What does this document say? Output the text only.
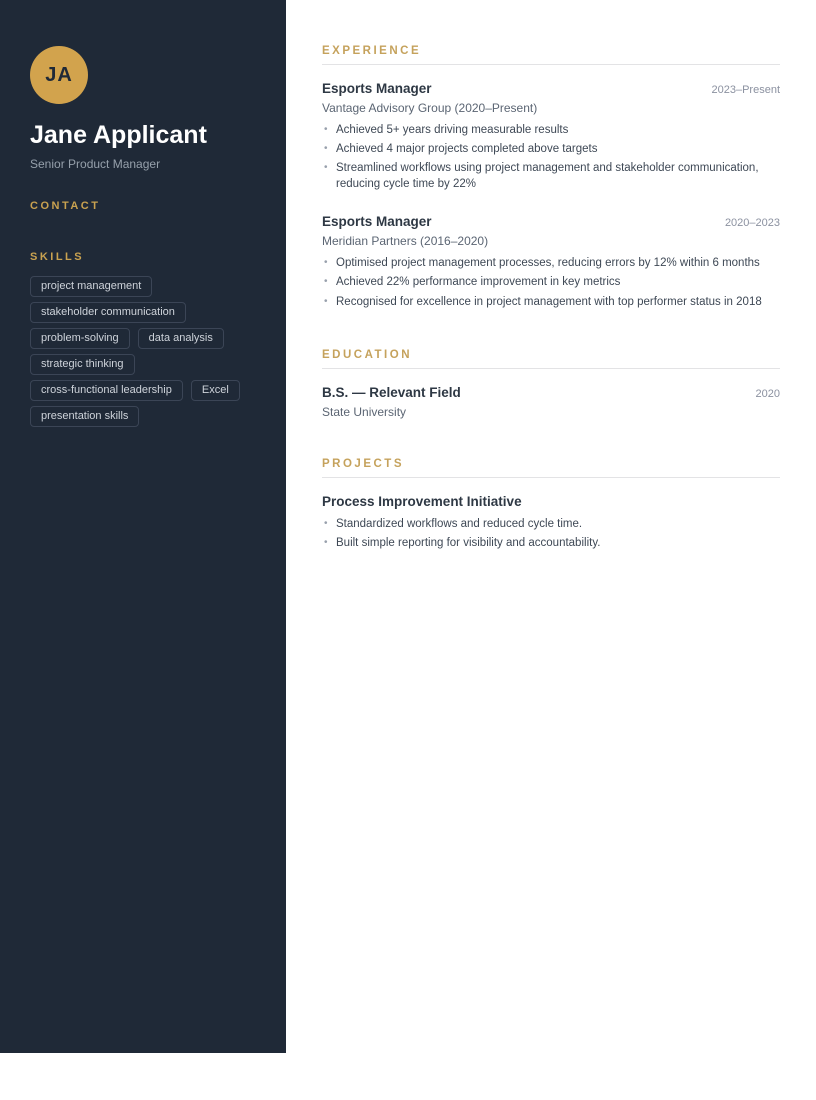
JA
Jane Applicant
Senior Product Manager
CONTACT
SKILLS
project management
stakeholder communication
problem-solving	data analysis
strategic thinking
cross-functional leadership	Excel
presentation skills
EXPERIENCE
Esports Manager	2023–Present
Vantage Advisory Group (2020–Present)
• Achieved 5+ years driving measurable results
• Achieved 4 major projects completed above targets
• Streamlined workflows using project management and stakeholder communication, reducing cycle time by 22%
Esports Manager	2020–2023
Meridian Partners (2016–2020)
• Optimised project management processes, reducing errors by 12% within 6 months
• Achieved 22% performance improvement in key metrics
• Recognised for excellence in project management with top performer status in 2018
EDUCATION
B.S. — Relevant Field	2020
State University
PROJECTS
Process Improvement Initiative
• Standardized workflows and reduced cycle time.
• Built simple reporting for visibility and accountability.
